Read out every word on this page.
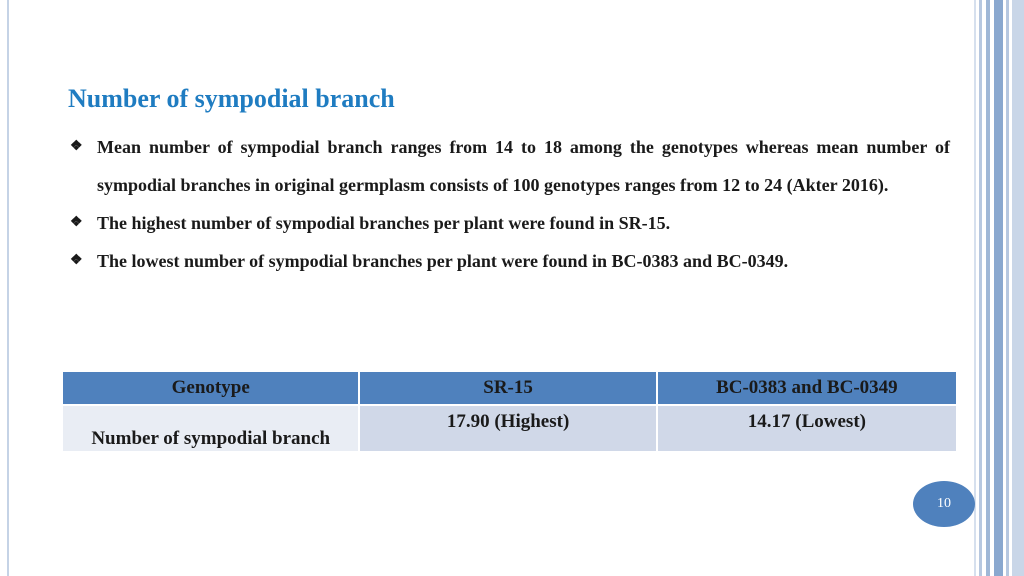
Number of sympodial branch
❖ Mean number of sympodial branch ranges from 14 to 18 among the genotypes whereas mean number of sympodial branches in original germplasm consists of 100 genotypes ranges from 12 to 24 (Akter 2016).
❖ The highest number of sympodial branches per plant were found in SR-15.
❖ The lowest number of sympodial branches per plant were found in BC-0383 and BC-0349.
Genotype	SR-15	BC-0383 and BC-0349
Number of sympodial branch	17.90 (Highest)	14.17 (Lowest)
10
